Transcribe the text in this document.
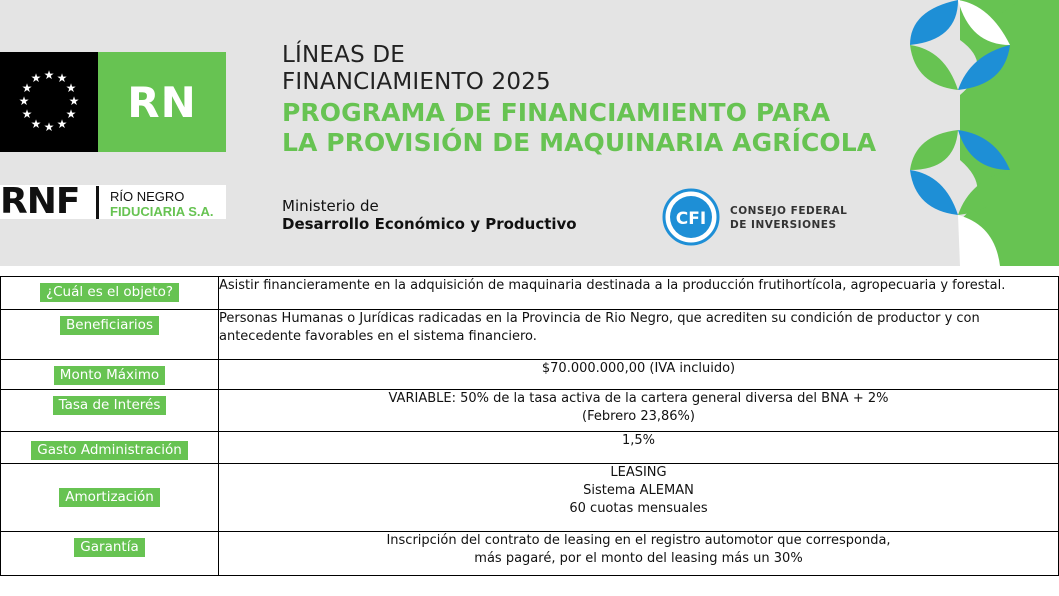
★ ★
★
★
★
★
★
★
★
★
★
★ RN
RNF RÍO NEGRO
FIDUCIARIA S.A.
LÍNEAS DE
FINANCIAMIENTO 2025
PROGRAMA DE FINANCIAMIENTO PARA
LA PROVISIÓN DE MAQUINARIA AGRÍCOLA
Ministerio de
Desarrollo Económico y Productivo	CFI CONSEJO FEDERAL
DE INVERSIONES
¿Cuál es el objeto?	Asistir financieramente en la adquisición de maquinaria destinada a la producción frutihortícola, agropecuaria y forestal.

Beneficiarios	Personas Humanas o Jurídicas radicadas en la Provincia de Rio Negro, que acrediten su condición de productor y con
antecedente favorables en el sistema financiero.

Monto Máximo	$70.000.000,00 (IVA incluido)

Tasa de Interés	VARIABLE: 50% de la tasa activa de la cartera general diversa del BNA + 2%
(Febrero 23,86%)

Gasto Administración	1,5%

Amortización	LEASING
Sistema ALEMAN
60 cuotas mensuales

Garantía	Inscripción del contrato de leasing en el registro automotor que corresponda,
más pagaré, por el monto del leasing más un 30%
